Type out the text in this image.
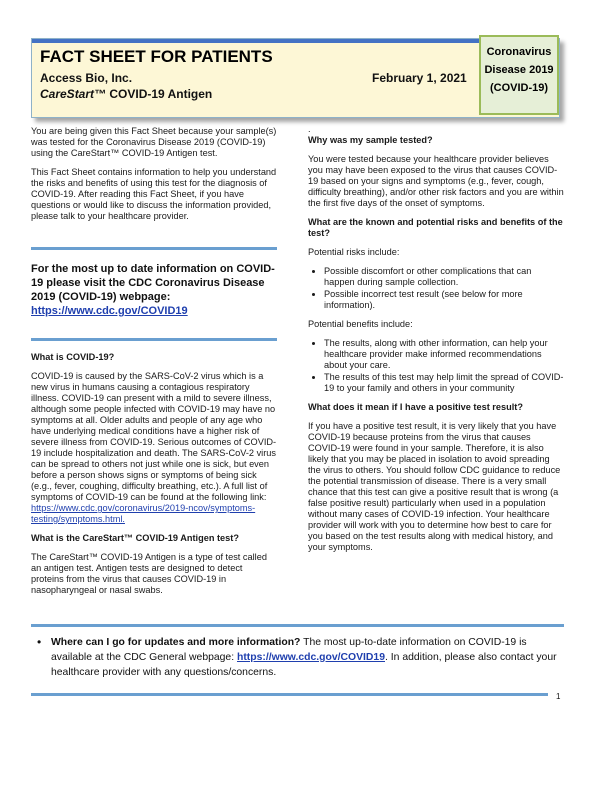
FACT SHEET FOR PATIENTS
Access Bio, Inc.
CareStart™ COVID-19 Antigen
February 1, 2021
Coronavirus
Disease 2019
(COVID-19)

You are being given this Fact Sheet because your sample(s) was tested for the Coronavirus Disease 2019 (COVID-19) using the CareStart™ COVID-19 Antigen test.

This Fact Sheet contains information to help you understand the risks and benefits of using this test for the diagnosis of COVID-19. After reading this Fact Sheet, if you have questions or would like to discuss the information provided, please talk to your healthcare provider.

For the most up to date information on COVID-19 please visit the CDC Coronavirus Disease 2019 (COVID-19) webpage:
https://www.cdc.gov/COVID19

What is COVID-19?

COVID-19 is caused by the SARS-CoV-2 virus which is a new virus in humans causing a contagious respiratory illness. COVID-19 can present with a mild to severe illness, although some people infected with COVID-19 may have no symptoms at all. Older adults and people of any age who have underlying medical conditions have a higher risk of severe illness from COVID-19. Serious outcomes of COVID-19 include hospitalization and death. The SARS-CoV-2 virus can be spread to others not just while one is sick, but even before a person shows signs or symptoms of being sick (e.g., fever, coughing, difficulty breathing, etc.). A full list of symptoms of COVID-19 can be found at the following link: https://www.cdc.gov/coronavirus/2019-ncov/symptoms-testing/symptoms.html.

What is the CareStart™ COVID-19 Antigen test?

The CareStart™ COVID-19 Antigen is a type of test called an antigen test. Antigen tests are designed to detect proteins from the virus that causes COVID-19 in nasopharyngeal or nasal swabs.

.

Why was my sample tested?

You were tested because your healthcare provider believes you may have been exposed to the virus that causes COVID-19 based on your signs and symptoms (e.g., fever, cough, difficulty breathing), and/or other risk factors and you are within the first five days of the onset of symptoms.

What are the known and potential risks and benefits of the test?

Potential risks include:

• Possible discomfort or other complications that can happen during sample collection.
• Possible incorrect test result (see below for more information).

Potential benefits include:

• The results, along with other information, can help your healthcare provider make informed recommendations about your care.
• The results of this test may help limit the spread of COVID-19 to your family and others in your community

What does it mean if I have a positive test result?

If you have a positive test result, it is very likely that you have COVID-19 because proteins from the virus that causes COVID-19 were found in your sample. Therefore, it is also likely that you may be placed in isolation to avoid spreading the virus to others. You should follow CDC guidance to reduce the potential transmission of disease. There is a very small chance that this test can give a positive result that is wrong (a false positive result) particularly when used in a population without many cases of COVID-19 infection. Your healthcare provider will work with you to determine how best to care for you based on the test results along with medical history, and your symptoms.

• Where can I go for updates and more information? The most up-to-date information on COVID-19 is available at the CDC General webpage: https://www.cdc.gov/COVID19. In addition, please also contact your healthcare provider with any questions/concerns.
1
